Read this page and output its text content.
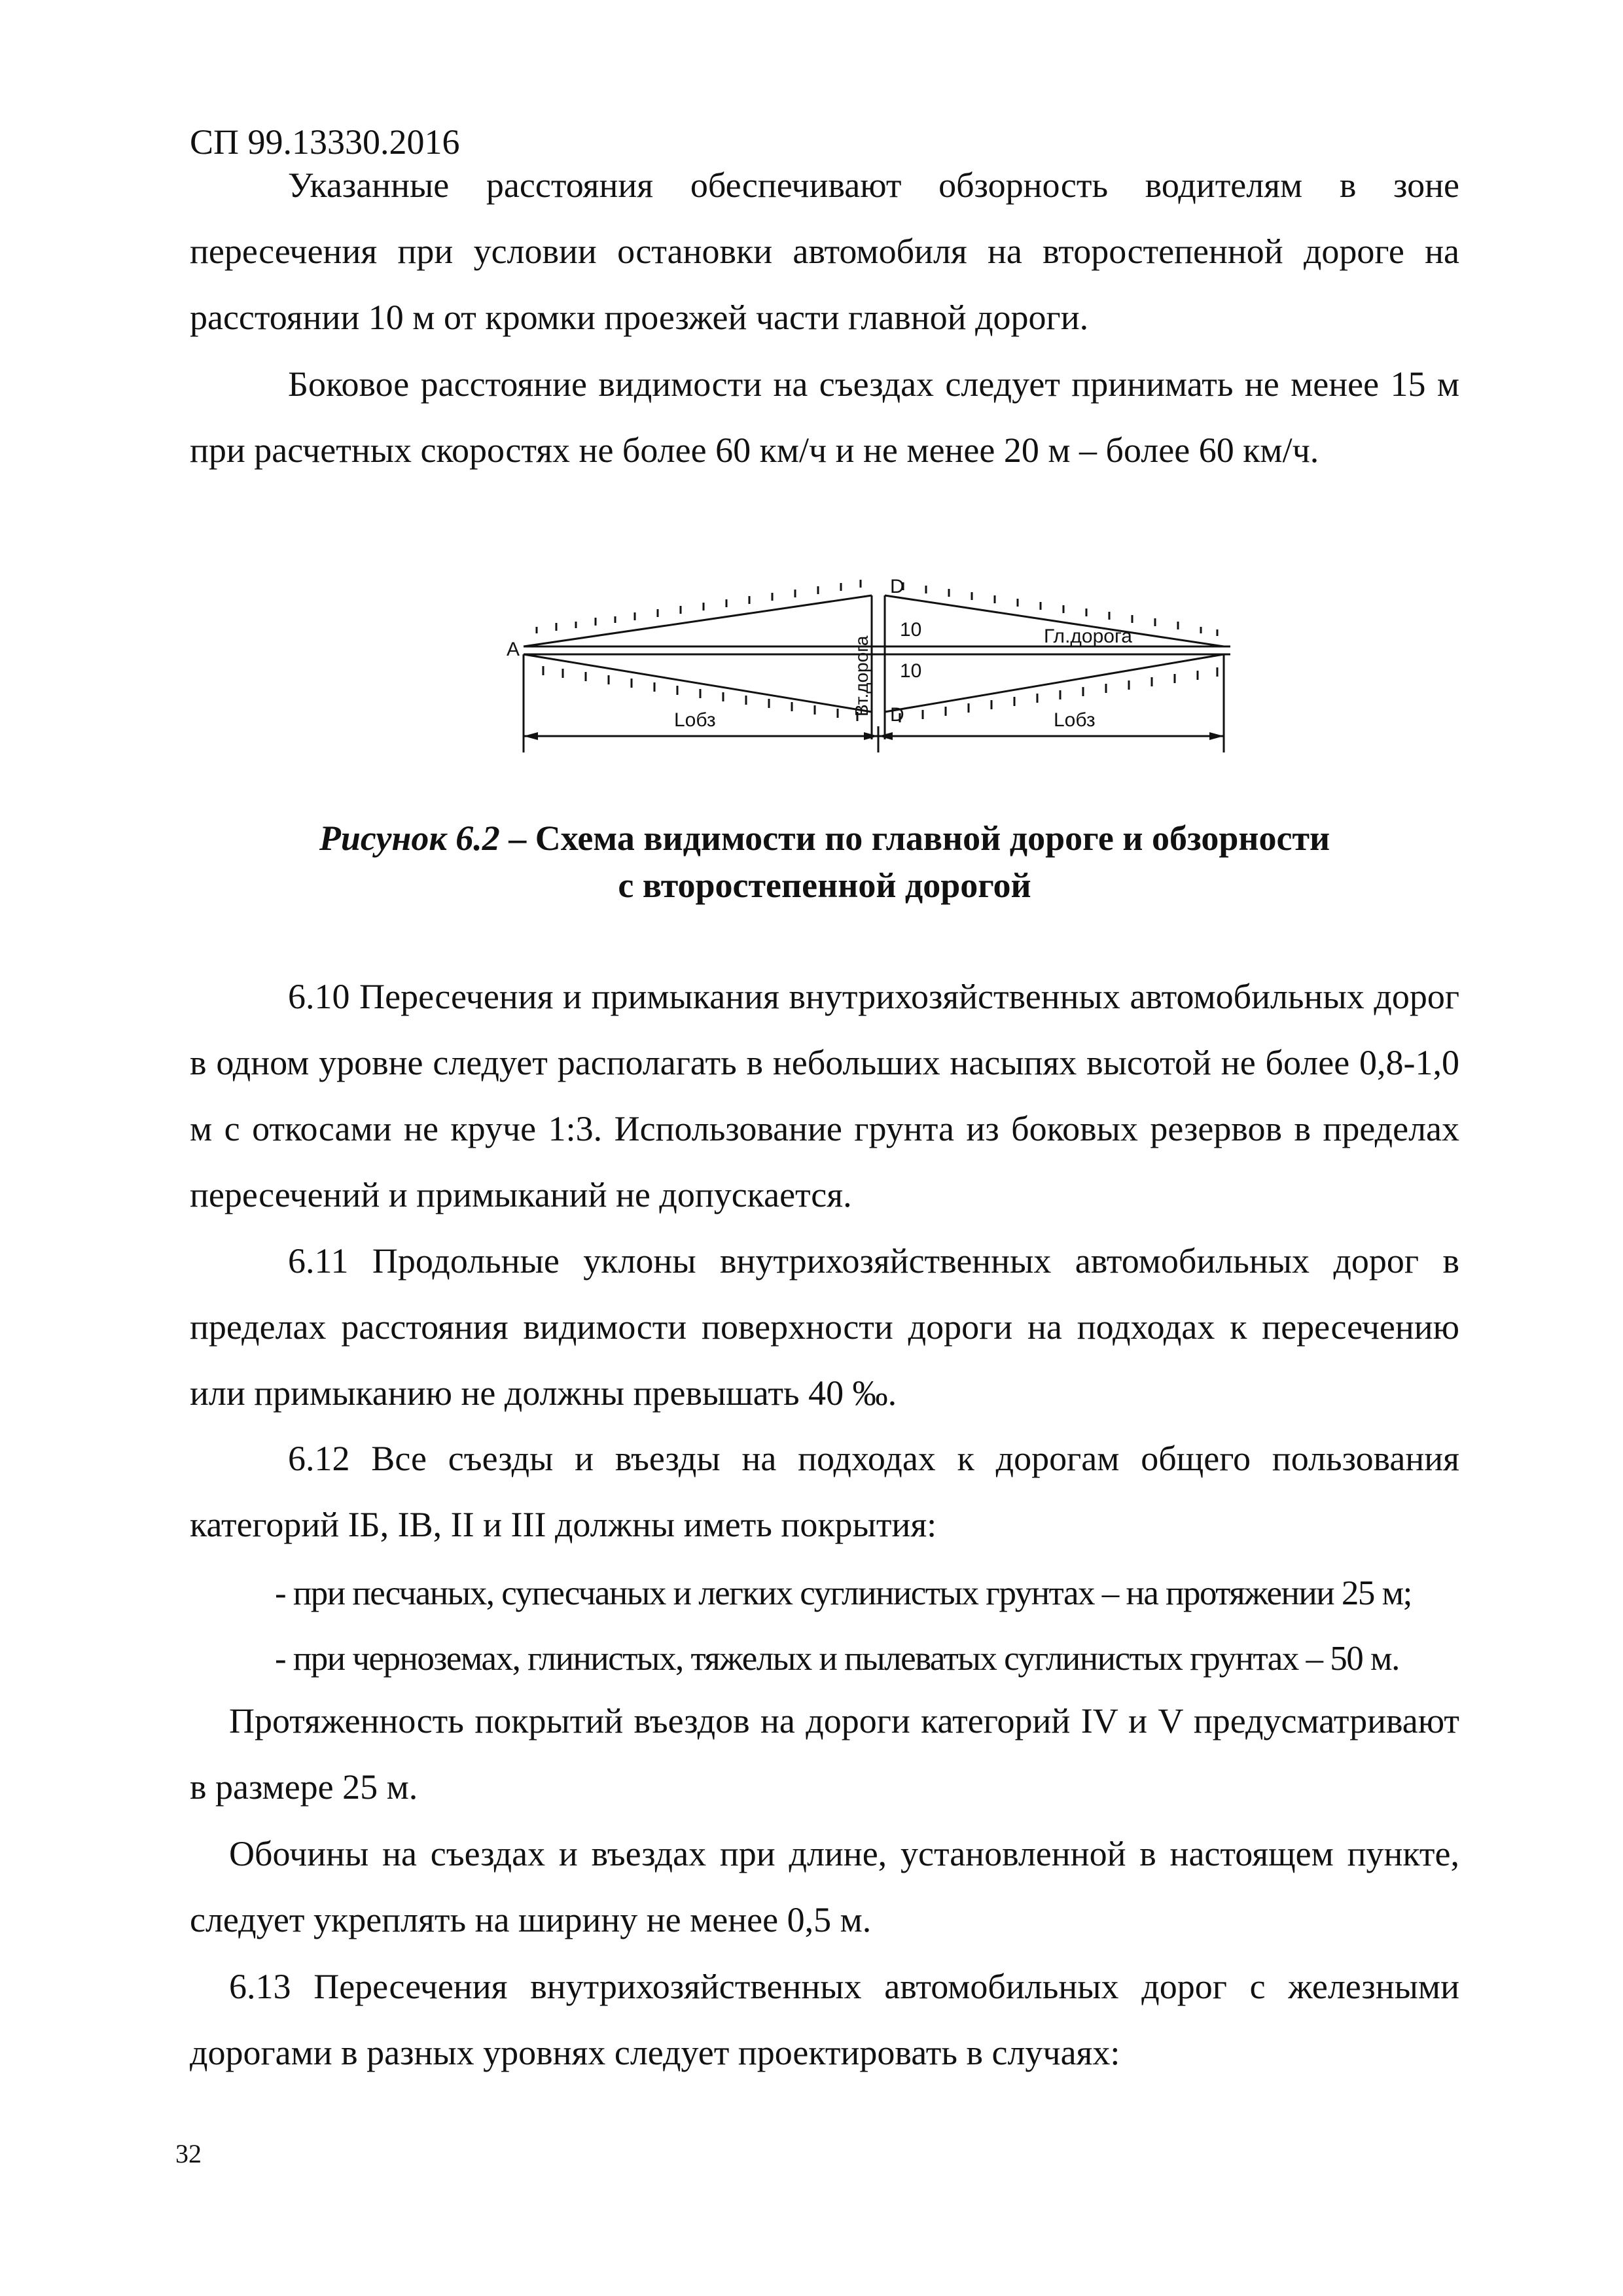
СП 99.13330.2016
Указанные расстояния обеспечивают обзорность водителям в зоне пересечения при условии остановки автомобиля на второстепенной дороге на расстоянии 10 м от кромки проезжей части главной дороги.
Боковое расстояние видимости на съездах следует принимать не менее 15 м при расчетных скоростях не более 60 км/ч и не менее 20 м – более 60 км/ч.
А
D
D
10
10
Гл.дорога
Вт.дорога
Lобз	Lобз
Рисунок 6.2 – Схема видимости по главной дороге и обзорности
с второстепенной дорогой
6.10 Пересечения и примыкания внутрихозяйственных автомобильных дорог в одном уровне следует располагать в небольших насыпях высотой не более 0,8-1,0 м с откосами не круче 1:3. Использование грунта из боковых резервов в пределах пересечений и примыканий не допускается.
6.11 Продольные уклоны внутрихозяйственных автомобильных дорог в пределах расстояния видимости поверхности дороги на подходах к пересечению или примыканию не должны превышать 40 ‰.
6.12 Все съезды и въезды на подходах к дорогам общего пользования категорий IБ, IВ, II и III должны иметь покрытия:
- при песчаных, супесчаных и легких суглинистых грунтах – на протяжении 25 м;
- при черноземах, глинистых, тяжелых и пылеватых суглинистых грунтах – 50 м.
Протяженность покрытий въездов на дороги категорий IV и V предусматривают в размере 25 м.
Обочины на съездах и въездах при длине, установленной в настоящем пункте, следует укреплять на ширину не менее 0,5 м.
6.13 Пересечения внутрихозяйственных автомобильных дорог с железными дорогами в разных уровнях следует проектировать в случаях:
32
